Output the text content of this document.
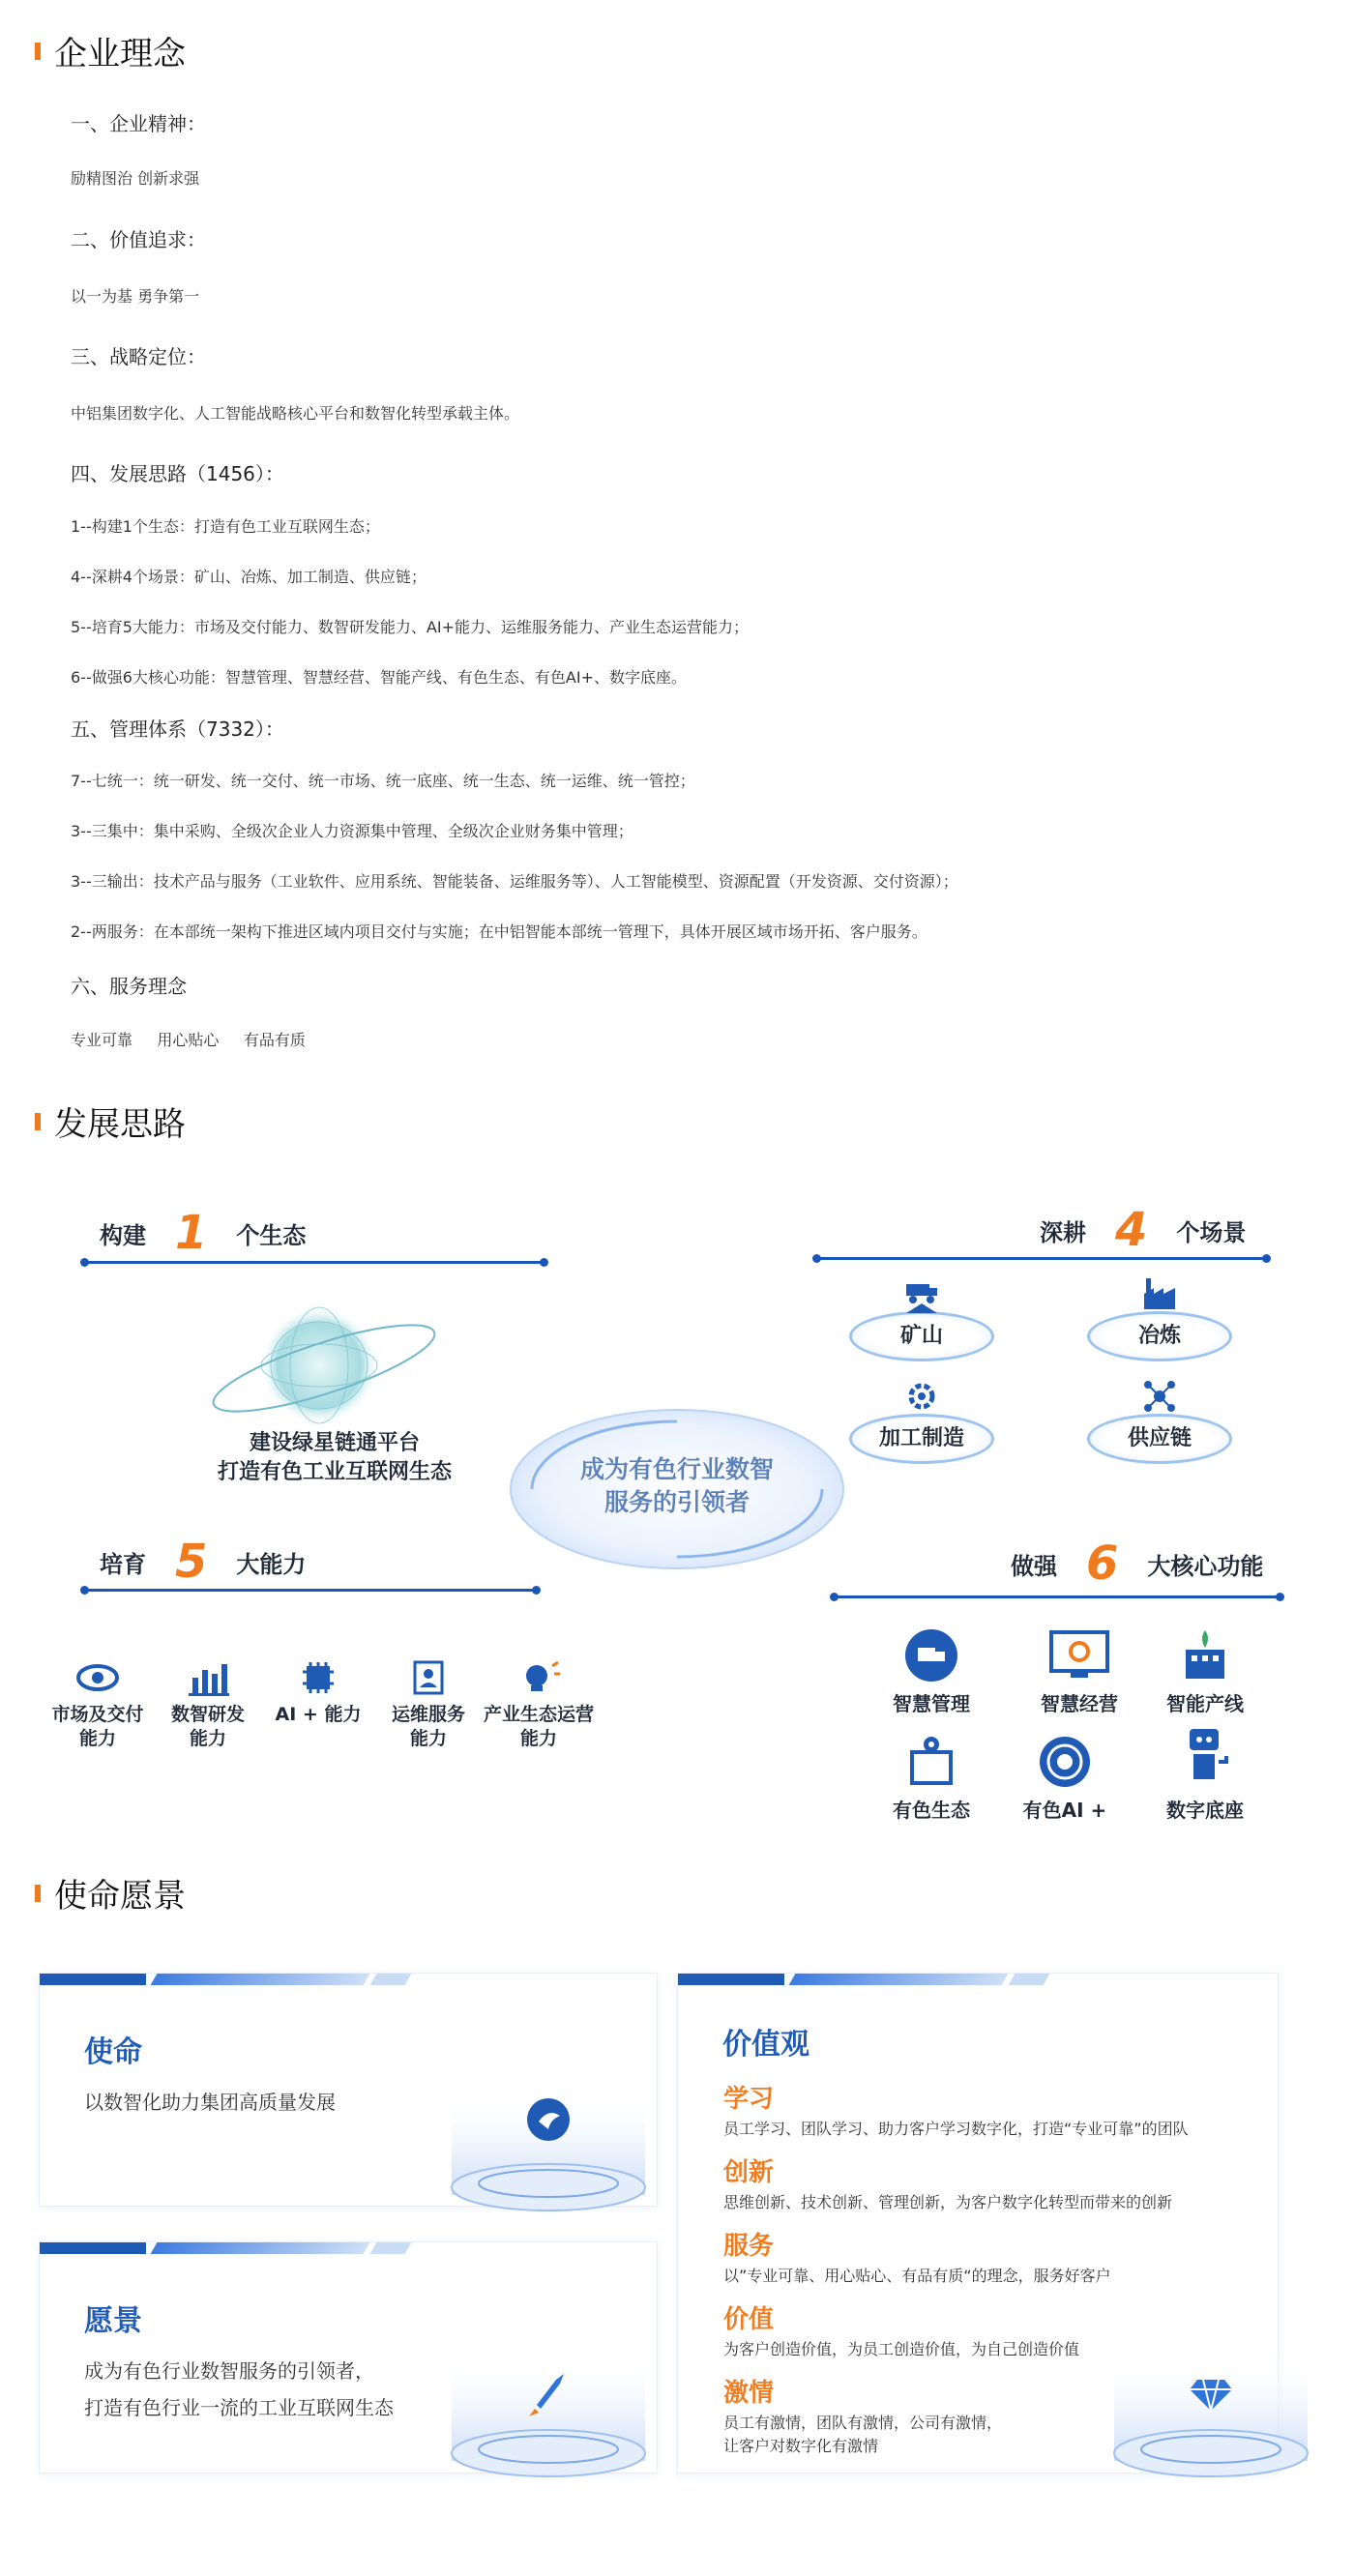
企业理念
一、企业精神：
励精图治 创新求强
二、价值追求：
以一为基 勇争第一
三、战略定位：
中铝集团数字化、人工智能战略核心平台和数智化转型承载主体。
四、发展思路（1456）：
1--构建1个生态：打造有色工业互联网生态；
4--深耕4个场景：矿山、冶炼、加工制造、供应链；
5--培育5大能力：市场及交付能力、数智研发能力、AI+能力、运维服务能力、产业生态运营能力；
6--做强6大核心功能：智慧管理、智慧经营、智能产线、有色生态、有色AI+、数字底座。
五、管理体系（7332）：
7--七统一：统一研发、统一交付、统一市场、统一底座、统一生态、统一运维、统一管控；
3--三集中：集中采购、全级次企业人力资源集中管理、全级次企业财务集中管理；
3--三输出：技术产品与服务（工业软件、应用系统、智能装备、运维服务等）、人工智能模型、资源配置（开发资源、交付资源）；
2--两服务：在本部统一架构下推进区域内项目交付与实施；在中铝智能本部统一管理下，具体开展区域市场开拓、客户服务。
六、服务理念
专业可靠     用心贴心     有品有质
发展思路
构建 1 个生态
建设绿星链通平台
打造有色工业互联网生态	成为有色行业数智
服务的引领者
深耕 4 个场景
矿山	冶炼
加工制造	供应链
培育 5 大能力
市场及交付
能力
数智研发
能力
AI + 能力	运维服务
能力
产业生态运营
能力
做强 6 大核心功能
智慧管理	智慧经营	智能产线
有色生态	有色AI +	数字底座
使命愿景
使命
以数智化助力集团高质量发展
愿景
成为有色行业数智服务的引领者，
打造有色行业一流的工业互联网生态
价值观
学习
员工学习、团队学习、助力客户学习数字化，打造“专业可靠”的团队
创新
思维创新、技术创新、管理创新，为客户数字化转型而带来的创新
服务
以”专业可靠、用心贴心、有品有质“的理念，服务好客户
价值
为客户创造价值，为员工创造价值，为自己创造价值
激情
员工有激情，团队有激情，公司有激情，
让客户对数字化有激情
